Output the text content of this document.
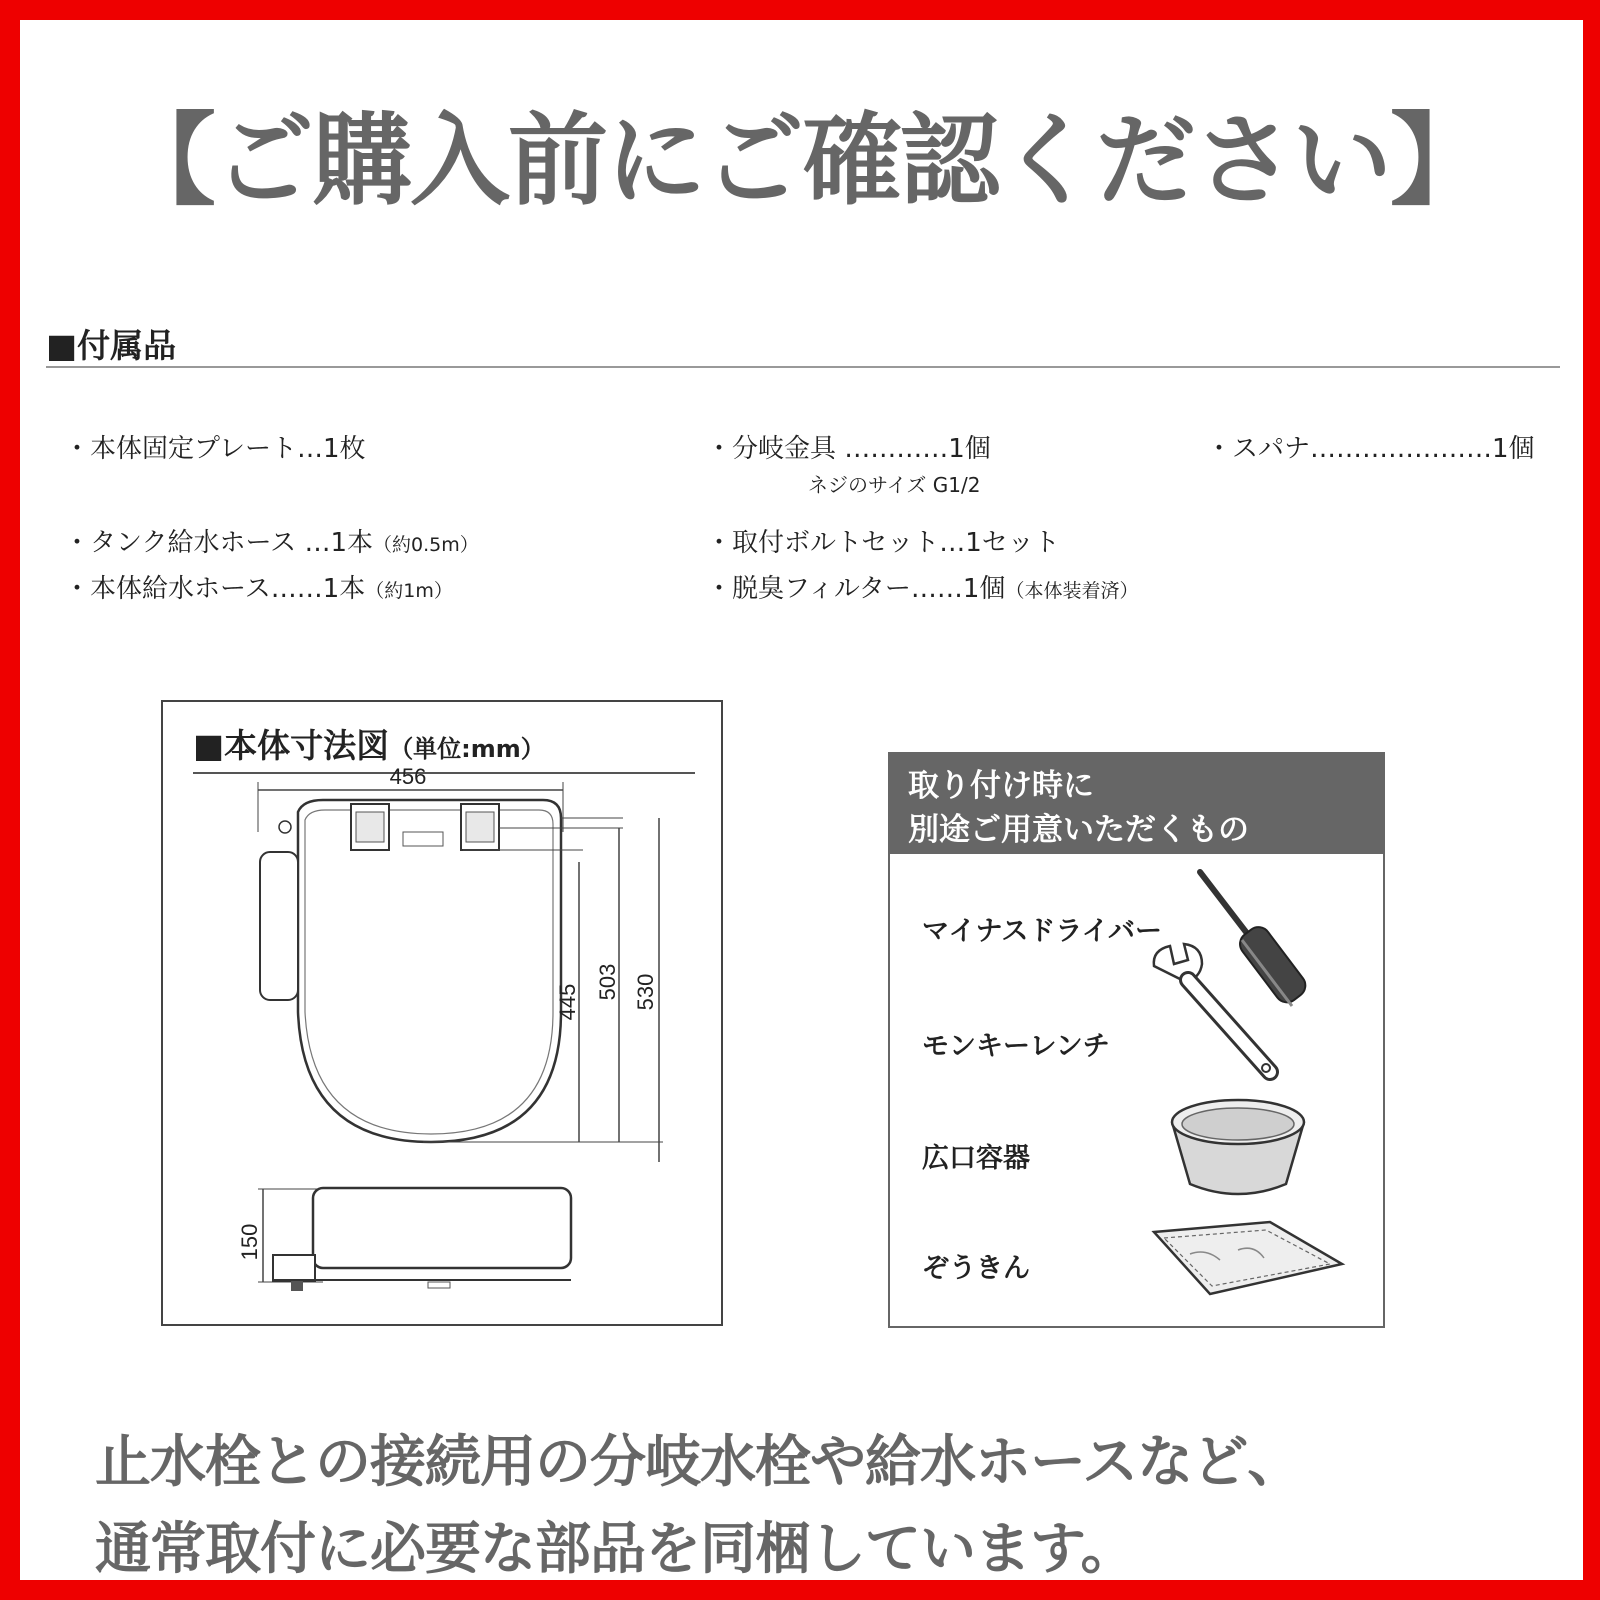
【ご購入前にご確認ください】
■付属品
・本体固定プレート…1枚	・分岐金具 …………1個
ネジのサイズ G1/2
・スパナ…………………1個
・タンク給水ホース …1本（約0.5m）	・取付ボルトセット…1セット
・本体給水ホース……1本（約1m）	・脱臭フィルター……1個（本体装着済）
■本体寸法図（単位:mm）
456
445
503 530
150
取り付け時に
別途ご用意いただくもの
マイナスドライバー
モンキーレンチ
広口容器
ぞうきん
止水栓との接続用の分岐水栓や給水ホースなど、
通常取付に必要な部品を同梱しています。
